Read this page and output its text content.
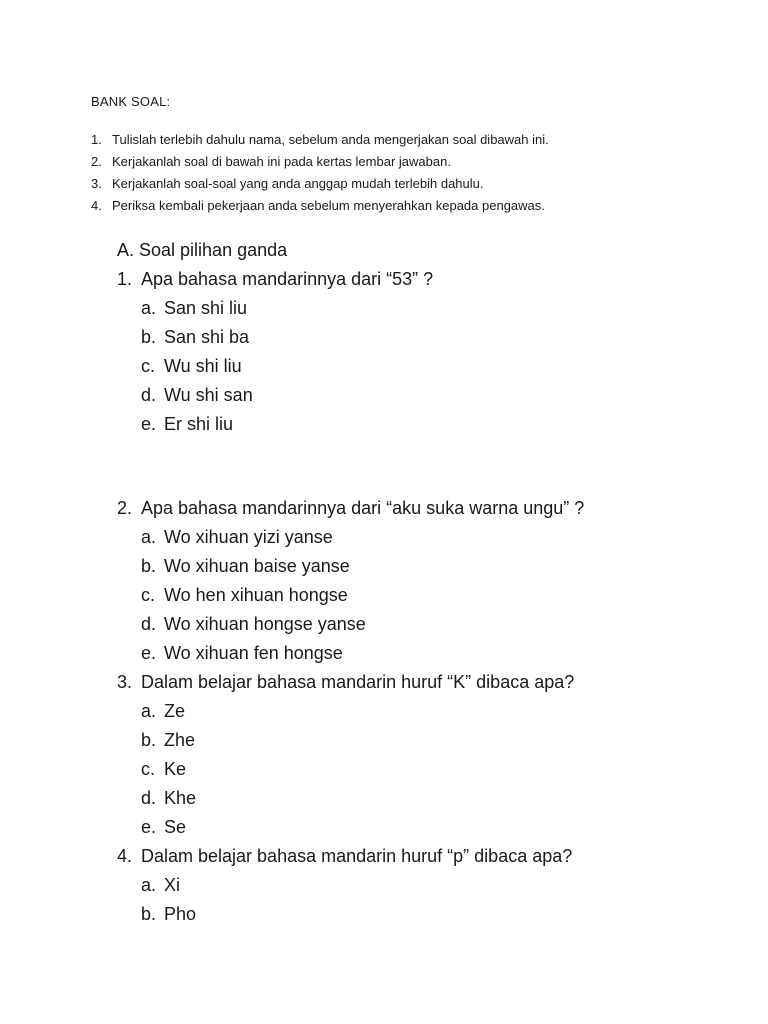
BANK SOAL:
1. Tulislah terlebih dahulu nama, sebelum anda mengerjakan soal dibawah ini.
2. Kerjakanlah soal di bawah ini pada kertas lembar jawaban.
3. Kerjakanlah soal-soal yang anda anggap mudah terlebih dahulu.
4. Periksa kembali pekerjaan anda sebelum menyerahkan kepada pengawas.
A. Soal pilihan ganda
1. Apa bahasa mandarinnya dari “53” ?
a. San shi liu
b. San shi ba
c. Wu shi liu
d. Wu shi san
e. Er shi liu
2. Apa bahasa mandarinnya dari “aku suka warna ungu” ?
a. Wo xihuan yizi yanse
b. Wo xihuan baise yanse
c. Wo hen xihuan hongse
d. Wo xihuan hongse yanse
e. Wo xihuan fen hongse
3. Dalam belajar bahasa mandarin huruf “K” dibaca apa?
a. Ze
b. Zhe
c. Ke
d. Khe
e. Se
4. Dalam belajar bahasa mandarin huruf “p” dibaca apa?
a. Xi
b. Pho
